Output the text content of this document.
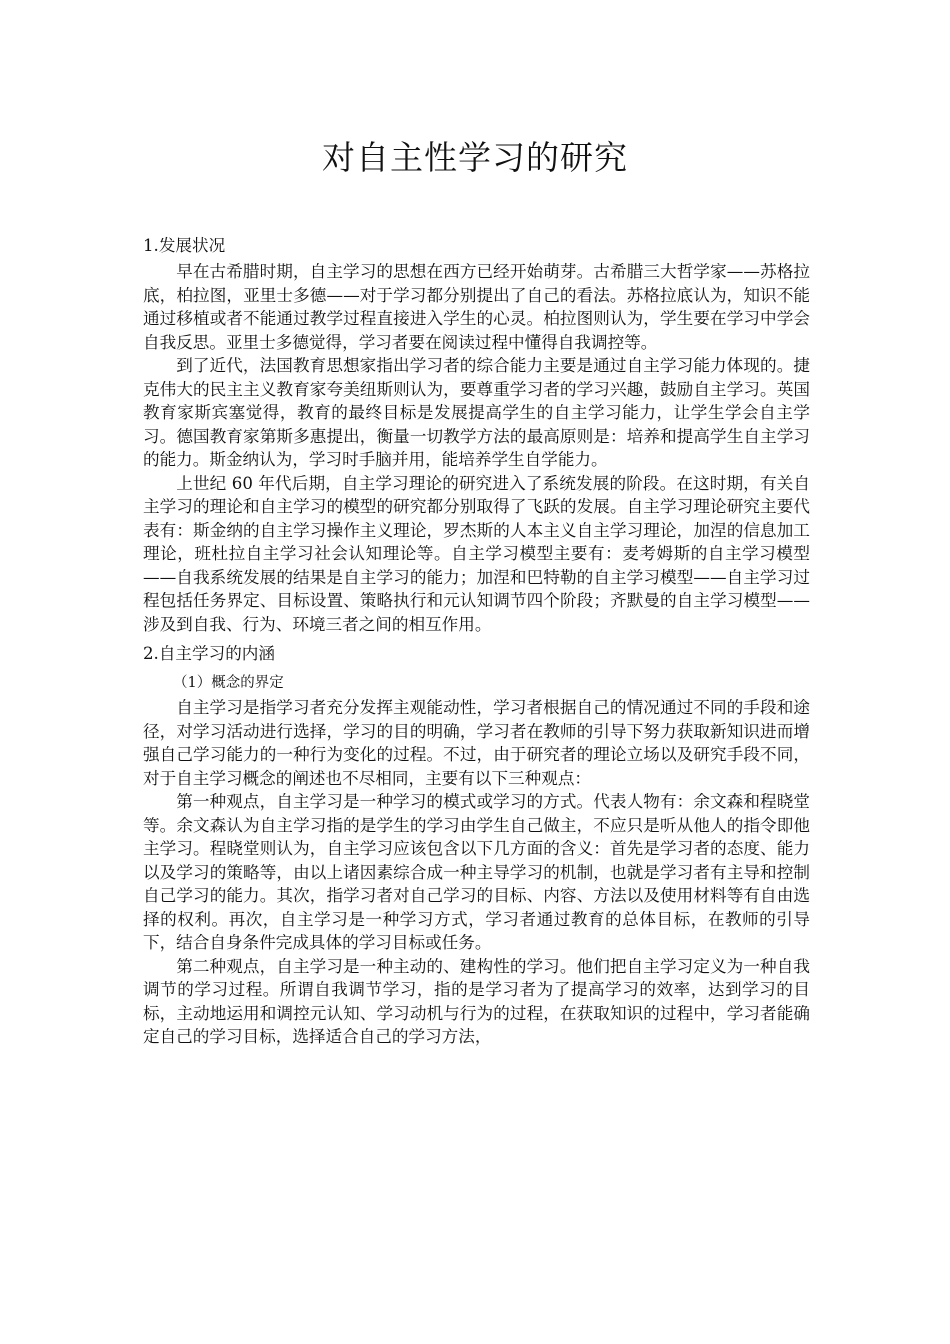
对自主性学习的研究
1.发展状况

早在古希腊时期，自主学习的思想在西方已经开始萌芽。古希腊三大哲学家——苏格拉底，柏拉图，亚里士多德——对于学习都分别提出了自己的看法。苏格拉底认为，知识不能通过移植或者不能通过教学过程直接进入学生的心灵。柏拉图则认为，学生要在学习中学会自我反思。亚里士多德觉得，学习者要在阅读过程中懂得自我调控等。

到了近代，法国教育思想家指出学习者的综合能力主要是通过自主学习能力体现的。捷克伟大的民主主义教育家夸美纽斯则认为，要尊重学习者的学习兴趣，鼓励自主学习。英国教育家斯宾塞觉得，教育的最终目标是发展提高学生的自主学习能力，让学生学会自主学习。德国教育家第斯多惠提出，衡量一切教学方法的最高原则是：培养和提高学生自主学习的能力。斯金纳认为，学习时手脑并用，能培养学生自学能力。

上世纪 60 年代后期，自主学习理论的研究进入了系统发展的阶段。在这时期，有关自主学习的理论和自主学习的模型的研究都分别取得了飞跃的发展。自主学习理论研究主要代表有：斯金纳的自主学习操作主义理论，罗杰斯的人本主义自主学习理论，加涅的信息加工理论，班杜拉自主学习社会认知理论等。自主学习模型主要有：麦考姆斯的自主学习模型——自我系统发展的结果是自主学习的能力；加涅和巴特勒的自主学习模型——自主学习过程包括任务界定、目标设置、策略执行和元认知调节四个阶段；齐默曼的自主学习模型——涉及到自我、行为、环境三者之间的相互作用。

2.自主学习的内涵
（1）概念的界定

自主学习是指学习者充分发挥主观能动性，学习者根据自己的情况通过不同的手段和途径，对学习活动进行选择，学习的目的明确，学习者在教师的引导下努力获取新知识进而增强自己学习能力的一种行为变化的过程。不过，由于研究者的理论立场以及研究手段不同，对于自主学习概念的阐述也不尽相同，主要有以下三种观点：

第一种观点，自主学习是一种学习的模式或学习的方式。代表人物有：余文森和程晓堂等。余文森认为自主学习指的是学生的学习由学生自己做主，不应只是听从他人的指令即他主学习。程晓堂则认为，自主学习应该包含以下几方面的含义：首先是学习者的态度、能力以及学习的策略等，由以上诸因素综合成一种主导学习的机制，也就是学习者有主导和控制自己学习的能力。其次，指学习者对自己学习的目标、内容、方法以及使用材料等有自由选择的权利。再次，自主学习是一种学习方式，学习者通过教育的总体目标，在教师的引导下，结合自身条件完成具体的学习目标或任务。

第二种观点，自主学习是一种主动的、建构性的学习。他们把自主学习定义为一种自我调节的学习过程。所谓自我调节学习，指的是学习者为了提高学习的效率，达到学习的目标，主动地运用和调控元认知、学习动机与行为的过程，在获取知识的过程中，学习者能确定自己的学习目标，选择适合自己的学习方法，
